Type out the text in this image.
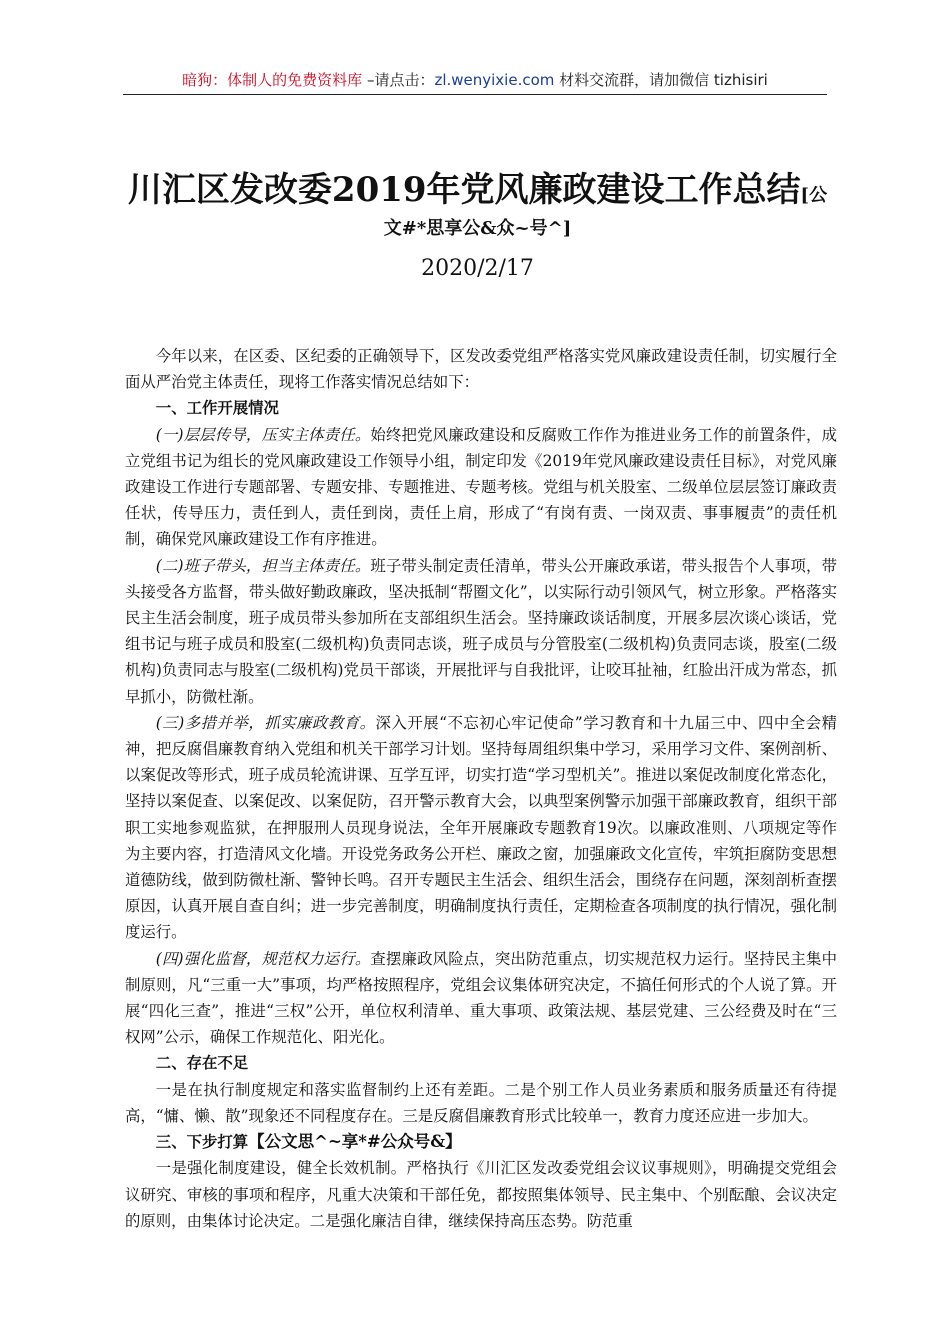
暗狗：体制人的免费资料库 –请点击：zl.wenyixie.com 材料交流群，请加微信 tizhisiri
川汇区发改委2019年党风廉政建设工作总结[公
文#*思享公&众~号^]
2020/2/17

今年以来，在区委、区纪委的正确领导下，区发改委党组严格落实党风廉政建设责任制，切实履行全面从严治党主体责任，现将工作落实情况总结如下：

一、工作开展情况

(一)层层传导，压实主体责任。始终把党风廉政建设和反腐败工作作为推进业务工作的前置条件，成立党组书记为组长的党风廉政建设工作领导小组，制定印发《2019年党风廉政建设责任目标》，对党风廉政建设工作进行专题部署、专题安排、专题推进、专题考核。党组与机关股室、二级单位层层签订廉政责任状，传导压力，责任到人，责任到岗，责任上肩，形成了“有岗有责、一岗双责、事事履责”的责任机制，确保党风廉政建设工作有序推进。

(二)班子带头，担当主体责任。班子带头制定责任清单，带头公开廉政承诺，带头报告个人事项，带头接受各方监督，带头做好勤政廉政，坚决抵制“帮圈文化”，以实际行动引领风气，树立形象。严格落实民主生活会制度，班子成员带头参加所在支部组织生活会。坚持廉政谈话制度，开展多层次谈心谈话，党组书记与班子成员和股室(二级机构)负责同志谈，班子成员与分管股室(二级机构)负责同志谈，股室(二级机构)负责同志与股室(二级机构)党员干部谈，开展批评与自我批评，让咬耳扯袖，红脸出汗成为常态，抓早抓小，防微杜渐。

(三)多措并举，抓实廉政教育。深入开展“不忘初心牢记使命”学习教育和十九届三中、四中全会精神，把反腐倡廉教育纳入党组和机关干部学习计划。坚持每周组织集中学习，采用学习文件、案例剖析、以案促改等形式，班子成员轮流讲课、互学互评，切实打造“学习型机关”。推进以案促改制度化常态化，坚持以案促查、以案促改、以案促防，召开警示教育大会，以典型案例警示加强干部廉政教育，组织干部职工实地参观监狱，在押服刑人员现身说法，全年开展廉政专题教育19次。以廉政准则、八项规定等作为主要内容，打造清风文化墙。开设党务政务公开栏、廉政之窗，加强廉政文化宣传，牢筑拒腐防变思想道德防线，做到防微杜渐、警钟长鸣。召开专题民主生活会、组织生活会，围绕存在问题，深刻剖析查摆原因，认真开展自查自纠；进一步完善制度，明确制度执行责任，定期检查各项制度的执行情况，强化制度运行。

(四)强化监督，规范权力运行。查摆廉政风险点，突出防范重点，切实规范权力运行。坚持民主集中制原则，凡“三重一大”事项，均严格按照程序，党组会议集体研究决定，不搞任何形式的个人说了算。开展“四化三查”，推进“三权”公开，单位权利清单、重大事项、政策法规、基层党建、三公经费及时在“三权网”公示，确保工作规范化、阳光化。

二、存在不足

一是在执行制度规定和落实监督制约上还有差距。二是个别工作人员业务素质和服务质量还有待提高，“慵、懒、散”现象还不同程度存在。三是反腐倡廉教育形式比较单一，教育力度还应进一步加大。

三、下步打算【公文思^~享*#公众号&】

一是强化制度建设，健全长效机制。严格执行《川汇区发改委党组会议议事规则》，明确提交党组会议研究、审核的事项和程序，凡重大决策和干部任免，都按照集体领导、民主集中、个别酝酿、会议决定的原则，由集体讨论决定。二是强化廉洁自律，继续保持高压态势。防范重
